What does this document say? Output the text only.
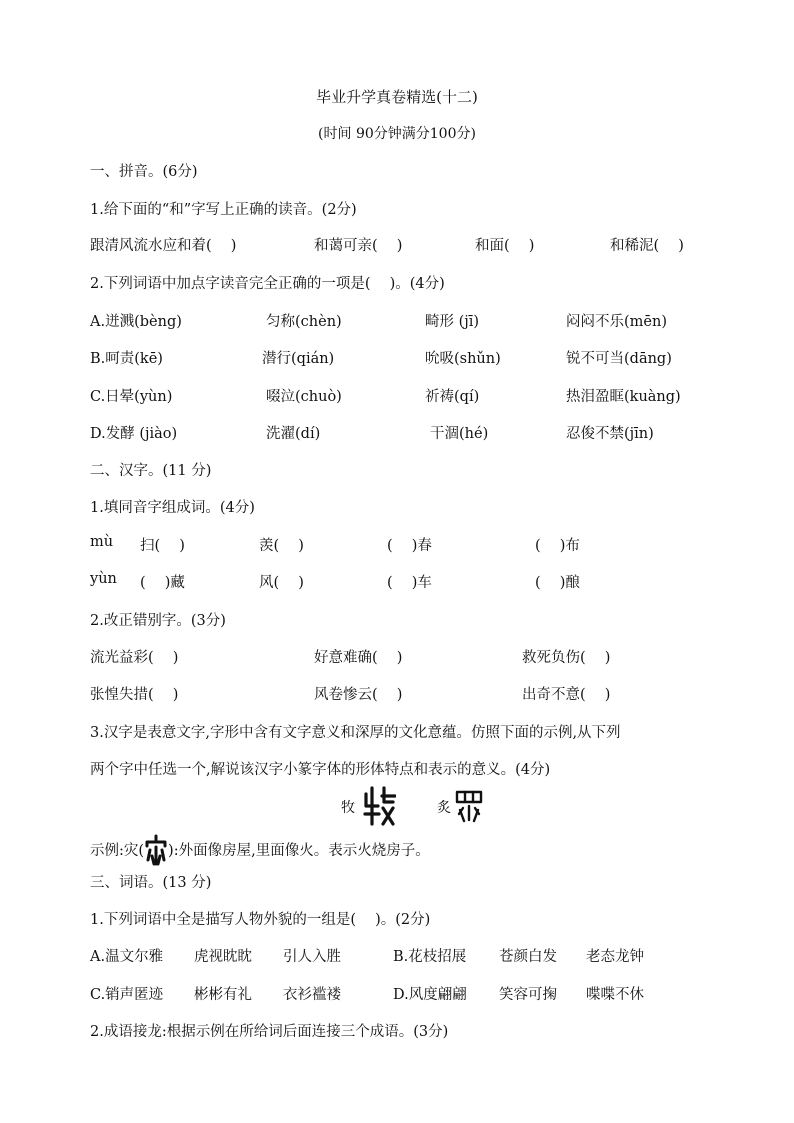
毕业升学真卷精选(十二)
(时间 90分钟满分100分)
一、拼音。(6分)
1.给下面的“和”字写上正确的读音。(2分)
跟清风流水应和着(　 )	和蔼可亲(　 )	和面(　 )	和稀泥(　 )
2.下列词语中加点字读音完全正确的一项是(　 )。(4分)
A.迸溅(bèng)	匀称(chèn)	畸形 (jī)	闷闷不乐(mēn)
B.呵责(kē)	潜行(qián)	吮吸(shǔn)	锐不可当(dāng)
C.日晕(yùn)	啜泣(chuò)	祈祷(qí)	热泪盈眶(kuàng)
D.发酵 (jiào)	洗濯(dí)	干涸(hé)	忍俊不禁(jīn)
二、汉字。(11 分)
1.填同音字组成词。(4分)
mù 扫(　 )	羡(　 )	(　 )春	(　 )布
yùn (　 )藏	风(　 )	(　 )车	(　 )酿
2.改正错别字。(3分)
流光益彩(　 )	好意难确(　 )	救死负伤(　 )
张惶失措(　 )	风卷惨云(　 )	出奇不意(　 )
3.汉字是表意文字,字形中含有文字意义和深厚的文化意蕴。仿照下面的示例,从下列
两个字中任选一个,解说该汉字小篆字体的形体特点和表示的意义。(4分)
牧	炙
示例:灾( ):外面像房屋,里面像火。表示火烧房子。
三、词语。(13 分)
1.下列词语中全是描写人物外貌的一组是(　 )。(2分)
A.温文尔雅 虎视眈眈 引人入胜	B.花枝招展 苍颜白发 老态龙钟
C.销声匿迹 彬彬有礼 衣衫褴褛	D.风度翩翩 笑容可掬 喋喋不休
2.成语接龙:根据示例在所给词后面连接三个成语。(3分)
